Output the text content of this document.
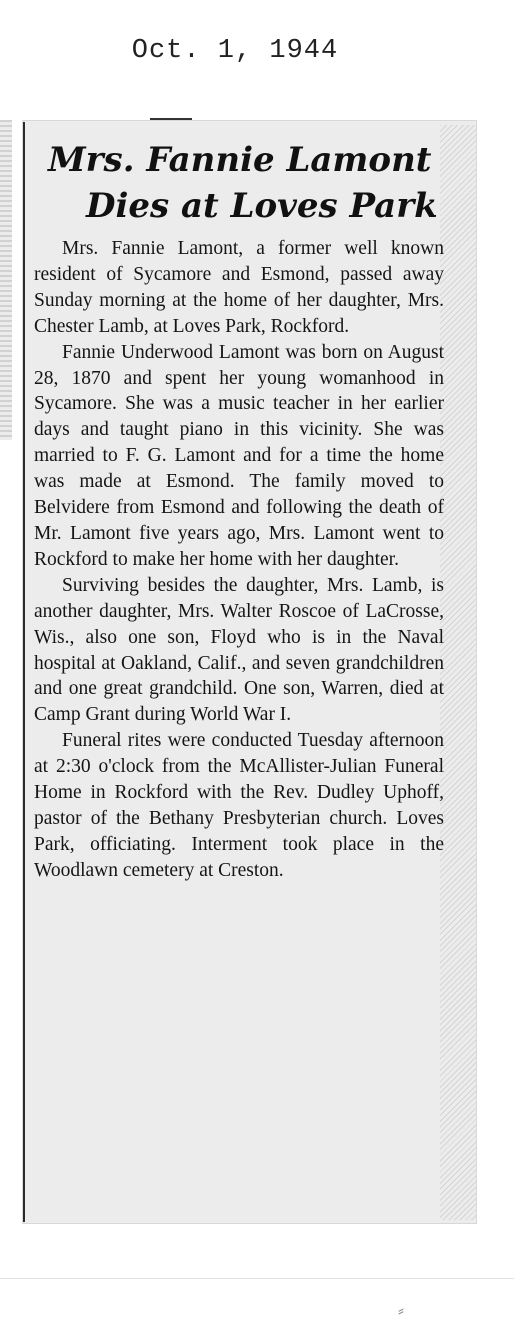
Oct. 1, 1944
Mrs. Fannie Lamont
Dies at Loves Park

Mrs. Fannie Lamont, a former well known resident of Sycamore and Esmond, passed away Sunday morning at the home of her daughter, Mrs. Chester Lamb, at Loves Park, Rockford.

Fannie Underwood Lamont was born on August 28, 1870 and spent her young womanhood in Sycamore. She was a music teacher in her earlier days and taught piano in this vicinity. She was married to F. G. Lamont and for a time the home was made at Esmond. The family moved to Belvidere from Esmond and following the death of Mr. Lamont five years ago, Mrs. Lamont went to Rockford to make her home with her daughter.

Surviving besides the daughter, Mrs. Lamb, is another daughter, Mrs. Walter Roscoe of LaCrosse, Wis., also one son, Floyd who is in the Naval hospital at Oakland, Calif., and seven grandchildren and one great grandchild. One son, Warren, died at Camp Grant during World War I.

Funeral rites were conducted Tuesday afternoon at 2:30 o'clock from the McAllister-Julian Funeral Home in Rockford with the Rev. Dudley Uphoff, pastor of the Bethany Presbyterian church. Loves Park, officiating. Interment took place in the Woodlawn cemetery at Creston.

⸗
